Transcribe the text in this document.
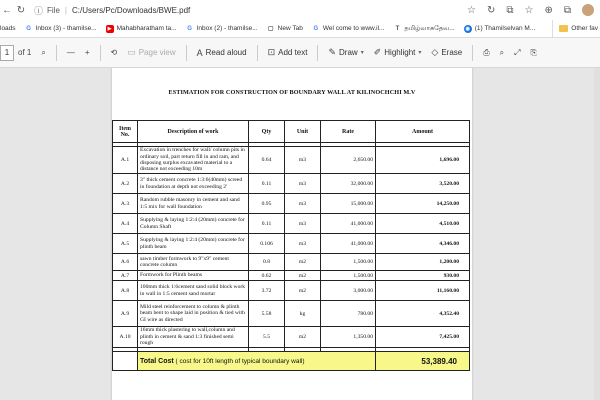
← ↻ ⓘ File | C:/Users/Pc/Downloads/BWE.pdf	☆ ↻ ⧉ ☆ ⊕ ⧉
loads G Inbox (3) - thamilse...	▶ Mahabharatham ta... G Inbox (2) - thamilse... ▢ New Tab G Wel come to www.il...	T தமிழ்வாசுதேவ...	◉ (1) Thamilselvan M...	Other fav
1	of 1 ⌕	— +	⟲ ▭ Page view A Read aloud ⊡ Add text ✎ Draw ▾ ✐ Highlight ▾ ◇ Erase	⎙ ⌕ ⤢ ⎘
ESTIMATION FOR CONSTRUCTION OF BOUNDARY WALL AT KILINOCHCHI M.V
Item No.	Description of work	Qty	Unit	Rate	Amount

A.1	Excavation in trenches for wall/ column pits in ordinary soil, part return fill in and ram, and disposing surplus excavated material to a distance not exceeding 10m	0.64	m3	2,650.00	1,696.00
A.2	3" thick cement concrete 1:3:6(40mm) screed in foundation at depth not exceeding 2'	0.11	m3	32,000.00	3,520.00
A.3	Random rubble masonry in cement and sand 1:5 mix for wall foundation	0.95	m3	15,000.00	14,250.00
A.4	Supplying & laying 1:2:4 (20mm) concrete for Column Shaft	0.11	m3	41,000.00	4,510.00
A.5	Supplying & laying 1:2:4 (20mm) concrete for plinth beam	0.106	m3	41,000.00	4,346.00
A.6	sawn timber formwork to 9"x9" cement concrete column	0.8	m2	1,500.00	1,200.00
A.7	Formwork for Plinth beams	0.62	m2	1,500.00	930.00
A.8	100mm thick 1:6cement sand solid block work in wall in 1:5 cement sand mortar	3.72	m2	3,000.00	11,160.00
A.9	Mild steel reinforcement to column & plinth beam bent to shape laid in position & tied with GI wire as directed	5.58	kg	780.00	4,352.40
A.10	16mm thick plastering to wall,column and plinth in cement & sand 1:3 finished semi rough	5.5	m2	1,350.00	7,425.00

	Total Cost ( cost for 10ft length of typical boundary wall)				53,389.40
